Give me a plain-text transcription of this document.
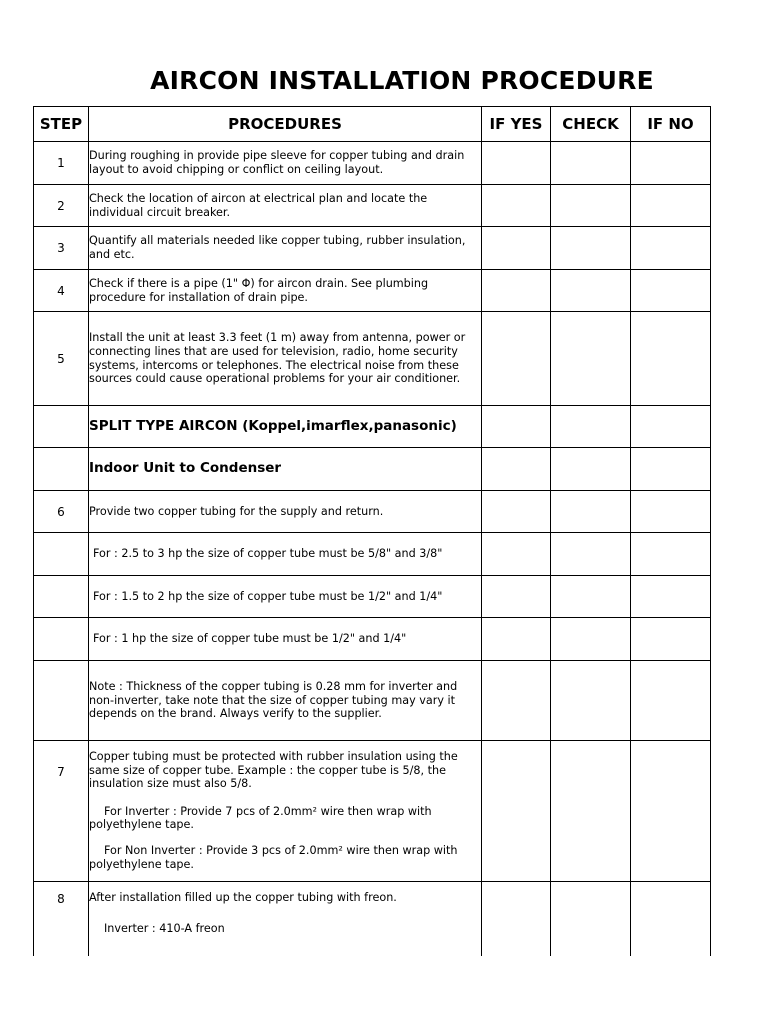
AIRCON INSTALLATION PROCEDURE
STEP	PROCEDURES	IF YES	CHECK	IF NO
1	During roughing in provide pipe sleeve for copper tubing and drain layout to avoid chipping or conflict on ceiling layout.			
2	Check the location of aircon at electrical plan and locate the individual circuit breaker.			
3	Quantify all materials needed like copper tubing, rubber insulation, and etc.			
4	Check if there is a pipe (1" Φ) for aircon drain. See plumbing procedure for installation of drain pipe.			
5	Install the unit at least 3.3 feet (1 m) away from antenna, power or connecting lines that are used for television, radio, home security systems, intercoms or telephones. The electrical noise from these sources could cause operational problems for your air conditioner.			
	SPLIT TYPE AIRCON (Koppel,imarflex,panasonic)			
	Indoor Unit to Condenser			
6	Provide two copper tubing for the supply and return.			
	For : 2.5 to 3 hp the size of copper tube must be 5/8" and 3/8"			
	For : 1.5 to 2 hp the size of copper tube must be 1/2" and 1/4"			
	For : 1 hp the size of copper tube must be 1/2" and 1/4"			
	Note : Thickness of the copper tubing is 0.28 mm for inverter and non-inverter, take note that the size of copper tubing may vary it depends on the brand. Always verify to the supplier.			
7	Copper tubing must be protected with rubber insulation using the same size of copper tube. Example : the copper tube is 5/8, the insulation size must also 5/8.
For Inverter : Provide 7 pcs of 2.0mm² wire then wrap with polyethylene tape.
For Non Inverter : Provide 3 pcs of 2.0mm² wire then wrap with polyethylene tape.			

8	After installation filled up the copper tubing with freon.
Inverter : 410-A freon			
